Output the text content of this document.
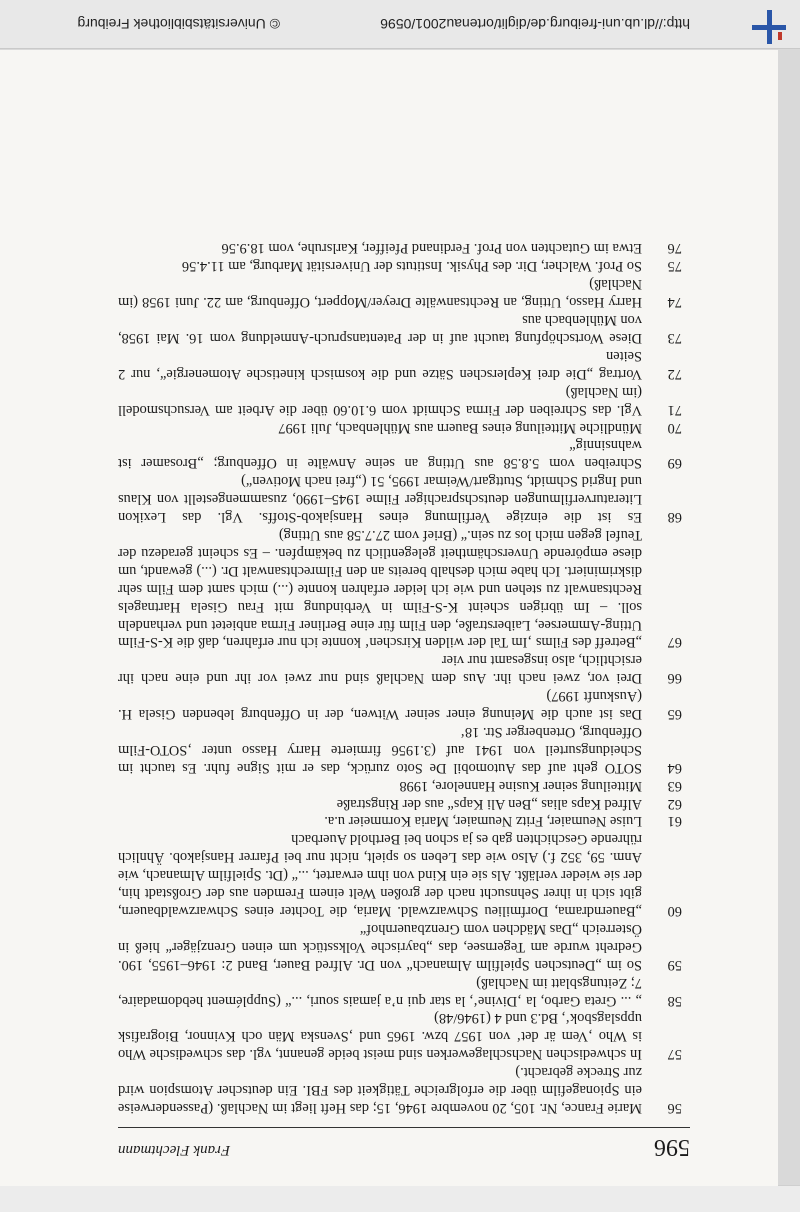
596
Frank Flechtmann

56
Marie France, Nr. 105, 20 novembre 1946, 15; das Heft liegt im Nachlaß. (Passenderweise ein Spionagefilm über die erfolgreiche Tätigkeit des FBI. Ein deutscher Atomspion wird zur Strecke gebracht.)

57
In schwedischen Nachschlagewerken sind meist beide genannt, vgl. das schwedische Who is Who ‚Vem är det‘ von 1957 bzw. 1965 und ‚Svenska Män och Kvinnor, Biografisk uppslagsbok‘, Bd.3 und 4 (1946/48)

58
„ ... Greta Garbo, la ‚Divine‘, la star qui n’a jamais souri, ...“ (Supplément hebdomadaire, 7; Zeitungsblatt im Nachlaß)

59
So im „Deutschen Spielfilm Almanach“ von Dr. Alfred Bauer, Band 2: 1946–1955, 190. Gedreht wurde am Tegernsee, das „bayrische Volksstück um einen Grenzjäger“ hieß in Österreich „Das Mädchen vom Grenzbauernhof“

60
„Bauerndrama, Dorfmilieu Schwarzwald. Maria, die Tochter eines Schwarzwaldbauern, gibt sich in ihrer Sehnsucht nach der großen Welt einem Fremden aus der Großstadt hin, der sie wieder verläßt. Als sie ein Kind von ihm erwartet, ...“ (Dt. Spielfilm Almanach, wie Anm. 59, 352 f.) Also wie das Leben so spielt, nicht nur bei Pfarrer Hansjakob. Ähnlich rührende Geschichten gab es ja schon bei Berthold Auerbach

61
Luise Neumaier, Fritz Neumaier, Maria Kornmeier u.a.

62
Alfred Kaps alias „Ben Ali Kaps“ aus der Ringstraße

63
Mitteilung seiner Kusine Hannelore, 1998

64
SOTO geht auf das Automobil De Soto zurück, das er mit Signe fuhr. Es taucht im Scheidungsurteil von 1941 auf (3.1956 firmierte Harry Hasso unter ‚SOTO-Film Offenburg, Ortenberger Str. 18‘

65
Das ist auch die Meinung einer seiner Witwen, der in Offenburg lebenden Gisela H. (Auskunft 1997)

66
Drei vor, zwei nach ihr. Aus dem Nachlaß sind nur zwei vor ihr und eine nach ihr ersichtlich, also insgesamt nur vier

67
„Betreff des Films ‚Im Tal der wilden Kirschen‘ konnte ich nur erfahren, daß die K-S-Film Utting-Ammersee, Laiberstraße, den Film für eine Berliner Firma anbietet und verhandeln soll. – Im übrigen scheint K-S-Film in Verbindung mit Frau Gisela Hartnagels Rechtsanwalt zu stehen und wie ich leider erfahren konnte (...) mich samt dem Film sehr diskriminiert. Ich habe mich deshalb bereits an den Filmrechtsanwalt Dr. (...) gewandt, um diese empörende Unverschämtheit gelegentlich zu bekämpfen. – Es scheint geradezu der Teufel gegen mich los zu sein.“ (Brief vom 27.7.58 aus Utting)

68
Es ist die einzige Verfilmung eines Hansjakob-Stoffs. Vgl. das Lexikon Literaturverfilmungen deutschsprachiger Filme 1945–1990, zusammengestellt von Klaus und Ingrid Schmidt, Stuttgart/Weimar 1995, 51 („frei nach Motiven“)

69
Schreiben vom 5.8.58 aus Utting an seine Anwälte in Offenburg; „Brosamer ist wahnsinnig“

70
Mündliche Mitteilung eines Bauern aus Mühlenbach, Juli 1997

71
Vgl. das Schreiben der Firma Schmidt vom 6.10.60 über die Arbeit am Versuchsmodell (im Nachlaß)

72
Vortrag „Die drei Keplerschen Sätze und die kosmisch kinetische Atomenergie“, nur 2 Seiten

73
Diese Wortschöpfung taucht auf in der Patentanspruch-Anmeldung vom 16. Mai 1958, von Mühlenbach aus

74
Harry Hasso, Utting, an Rechtsanwälte Dreyer/Moppert, Offenburg, am 22. Juni 1958 (im Nachlaß)

75
So Prof. Walcher, Dir. des Physik. Instituts der Universität Marburg, am 11.4.56

76
Etwa im Gutachten von Prof. Ferdinand Pfeiffer, Karlsruhe, vom 18.9.56

http://dl.ub.uni-freiburg.de/diglit/ortenau2001/0596
© Universitätsbibliothek Freiburg
